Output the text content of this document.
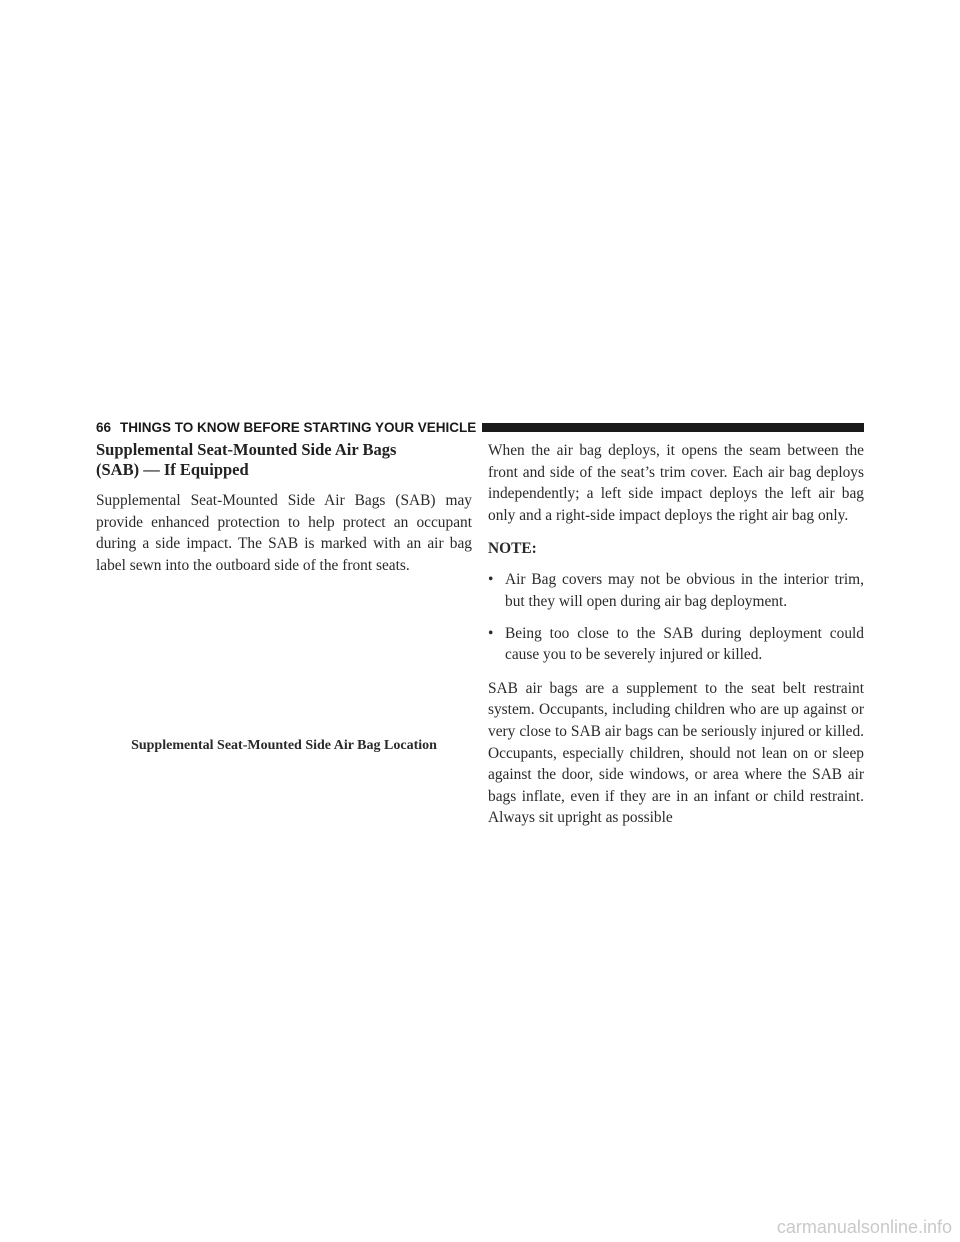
66 THINGS TO KNOW BEFORE STARTING YOUR VEHICLE
Supplemental Seat-Mounted Side Air Bags
(SAB) — If Equipped

Supplemental Seat-Mounted Side Air Bags (SAB) may provide enhanced protection to help protect an occupant during a side impact. The SAB is marked with an air bag label sewn into the outboard side of the front seats.

Supplemental Seat-Mounted Side Air Bag Location

When the air bag deploys, it opens the seam between the front and side of the seat’s trim cover. Each air bag deploys independently; a left side impact deploys the left air bag only and a right-side impact deploys the right air bag only.

NOTE:
• Air Bag covers may not be obvious in the interior trim, but they will open during air bag deployment.
• Being too close to the SAB during deployment could cause you to be severely injured or killed.

SAB air bags are a supplement to the seat belt restraint system. Occupants, including children who are up against or very close to SAB air bags can be seriously injured or killed. Occupants, especially children, should not lean on or sleep against the door, side windows, or area where the SAB air bags inflate, even if they are in an infant or child restraint. Always sit upright as possible

carmanualsonline.info
